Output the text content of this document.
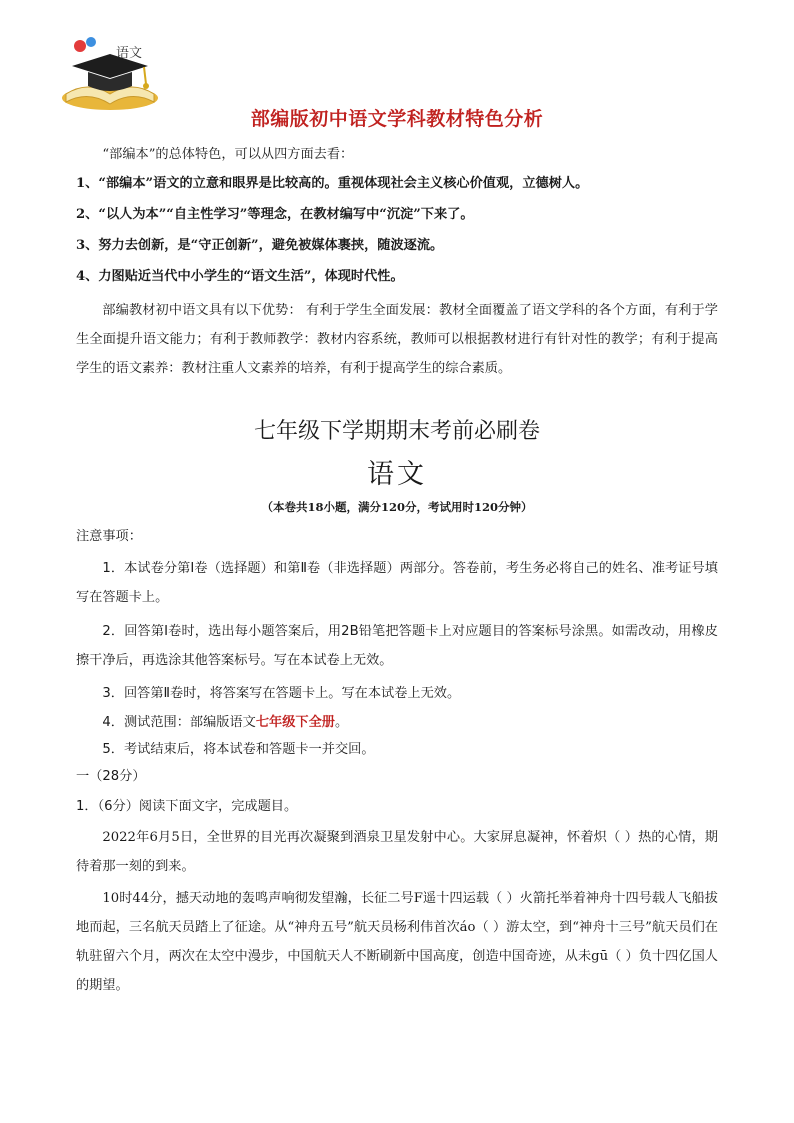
语文
部编版初中语文学科教材特色分析
“部编本”的总体特色，可以从四方面去看：
1、“部编本”语文的立意和眼界是比较高的。重视体现社会主义核心价值观，立德树人。
2、“以人为本”“自主性学习”等理念，在教材编写中“沉淀”下来了。
3、努力去创新，是“守正创新”，避免被媒体裹挟，随波逐流。
4、力图贴近当代中小学生的“语文生活”，体现时代性。
部编教材初中语文具有以下优势： 有利于学生全面发展：教材全面覆盖了语文学科的各个方面，有利于学生全面提升语文能力；有利于教师教学：教材内容系统，教师可以根据教材进行有针对性的教学；有利于提高学生的语文素养：教材注重人文素养的培养，有利于提高学生的综合素质。
七年级下学期期末考前必刷卷
语文
（本卷共18小题，满分120分，考试用时120分钟）
注意事项：
1．本试卷分第Ⅰ卷（选择题）和第Ⅱ卷（非选择题）两部分。答卷前，考生务必将自己的姓名、准考证号填写在答题卡上。
2．回答第Ⅰ卷时，选出每小题答案后，用2B铅笔把答题卡上对应题目的答案标号涂黑。如需改动，用橡皮擦干净后，再选涂其他答案标号。写在本试卷上无效。
3．回答第Ⅱ卷时，将答案写在答题卡上。写在本试卷上无效。
4．测试范围：部编版语文七年级下全册。
5．考试结束后，将本试卷和答题卡一并交回。
一（28分）
1．（6分）阅读下面文字，完成题目。
2022年6月5日，全世界的目光再次凝聚到酒泉卫星发射中心。大家屏息凝神，怀着炽（ ）热的心情，期待着那一刻的到来。
10时44分，撼天动地的轰鸣声响彻发望瀚，长征二号F遥十四运载（ ）火箭托举着神舟十四号载人飞船拔地而起，三名航天员踏上了征途。从“神舟五号”航天员杨利伟首次áo（ ）游太空，到“神舟十三号”航天员们在轨驻留六个月，两次在太空中漫步，中国航天人不断刷新中国高度，创造中国奇迹，从未gū（ ）负十四亿国人的期望。
